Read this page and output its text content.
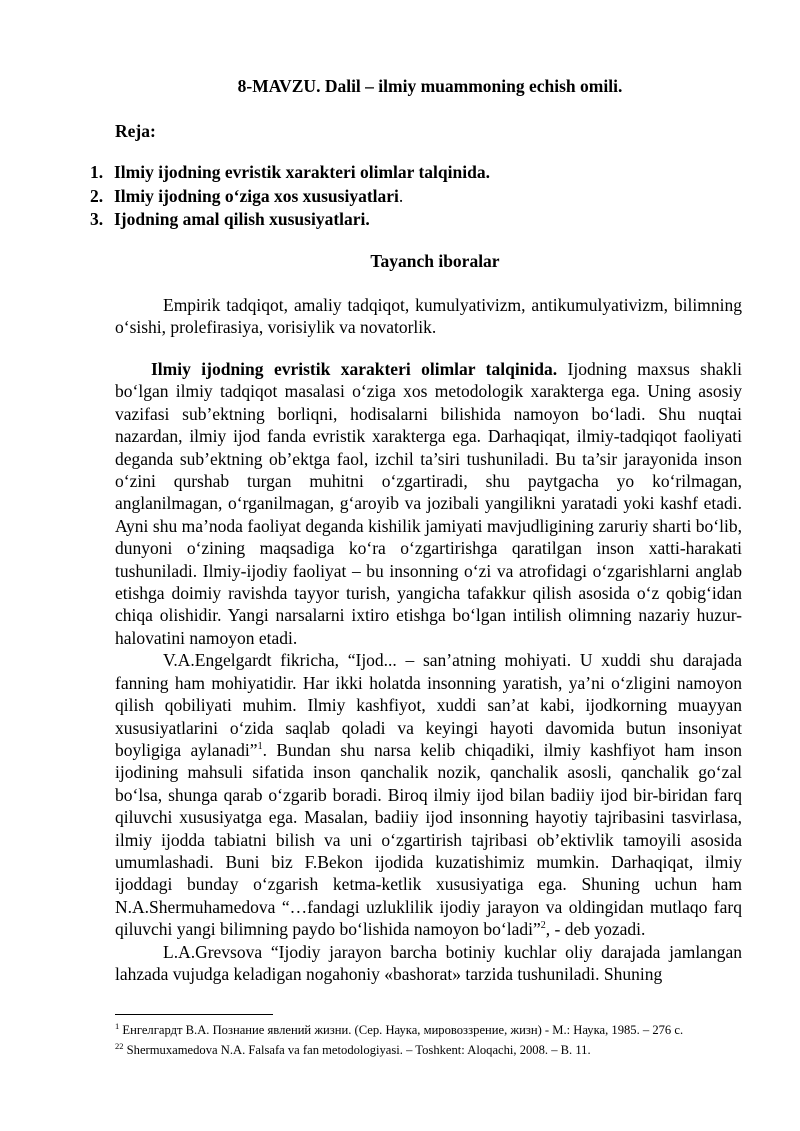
8-MAVZU. Dalil – ilmiy muammoning echish omili.
Reja:
1. Ilmiy ijodning evristik xarakteri olimlar talqinida.
2. Ilmiy ijodning o‘ziga xos xususiyatlari.
3. Ijodning amal qilish xususiyatlari.
Tayanch iboralar
Empirik tadqiqot, amaliy tadqiqot, kumulyativizm, antikumulyativizm, bilimning o‘sishi, prolefirasiya, vorisiylik va novatorlik.

Ilmiy ijodning evristik xarakteri olimlar talqinida. Ijodning maxsus shakli bo‘lgan ilmiy tadqiqot masalasi o‘ziga xos metodologik xarakterga ega. Uning asosiy vazifasi sub’ektning borliqni, hodisalarni bilishida namoyon bo‘ladi. Shu nuqtai nazardan, ilmiy ijod fanda evristik xarakterga ega. Darhaqiqat, ilmiy-tadqiqot faoliyati deganda sub’ektning ob’ektga faol, izchil ta’siri tushuniladi. Bu ta’sir jarayonida inson o‘zini qurshab turgan muhitni o‘zgartiradi, shu paytgacha yo ko‘rilmagan, anglanilmagan, o‘rganilmagan, g‘aroyib va jozibali yangilikni yaratadi yoki kashf etadi. Ayni shu ma’noda faoliyat deganda kishilik jamiyati mavjudligining zaruriy sharti bo‘lib, dunyoni o‘zining maqsadiga ko‘ra o‘zgartirishga qaratilgan inson xatti-harakati tushuniladi. Ilmiy-ijodiy faoliyat – bu insonning o‘zi va atrofidagi o‘zgarishlarni anglab etishga doimiy ravishda tayyor turish, yangicha tafakkur qilish asosida o‘z qobig‘idan chiqa olishidir. Yangi narsalarni ixtiro etishga bo‘lgan intilish olimning nazariy huzur-halovatini namoyon etadi.

V.A.Engelgardt fikricha, “Ijod... – san’atning mohiyati. U xuddi shu darajada fanning ham mohiyatidir. Har ikki holatda insonning yaratish, ya’ni o‘zligini namoyon qilish qobiliyati muhim. Ilmiy kashfiyot, xuddi san’at kabi, ijodkorning muayyan xususiyatlarini o‘zida saqlab qoladi va keyingi hayoti davomida butun insoniyat boyligiga aylanadi”$^1$. Bundan shu narsa kelib chiqadiki, ilmiy kashfiyot ham inson ijodining mahsuli sifatida inson qanchalik nozik, qanchalik asosli, qanchalik go‘zal bo‘lsa, shunga qarab o‘zgarib boradi. Biroq ilmiy ijod bilan badiiy ijod bir-biridan farq qiluvchi xususiyatga ega. Masalan, badiiy ijod insonning hayotiy tajribasini tasvirlasa, ilmiy ijodda tabiatni bilish va uni o‘zgartirish tajribasi ob’ektivlik tamoyili asosida umumlashadi. Buni biz F.Bekon ijodida kuzatishimiz mumkin. Darhaqiqat, ilmiy ijoddagi bunday o‘zgarish ketma-ketlik xususiyatiga ega. Shuning uchun ham N.A.Shermuhamedova “…fandagi uzluklilik ijodiy jarayon va oldingidan mutlaqo farq qiluvchi yangi bilimning paydo bo‘lishida namoyon bo‘ladi”$^2$, - deb yozadi.

L.A.Grevsova “Ijodiy jarayon barcha botiniy kuchlar oliy darajada jamlangan lahzada vujudga keladigan nogahoniy «bashorat» tarzida tushuniladi. Shuning

$^1$ Енгелгардт В.А. Познание явлений жизни. (Сер. Наука, мировоззрение, жизн) - М.: Наука, 1985. – 276 с.
$^{22}$ Shermuxamedova N.A. Falsafa va fan metodologiyasi. – Toshkent: Aloqachi, 2008. – B. 11.
